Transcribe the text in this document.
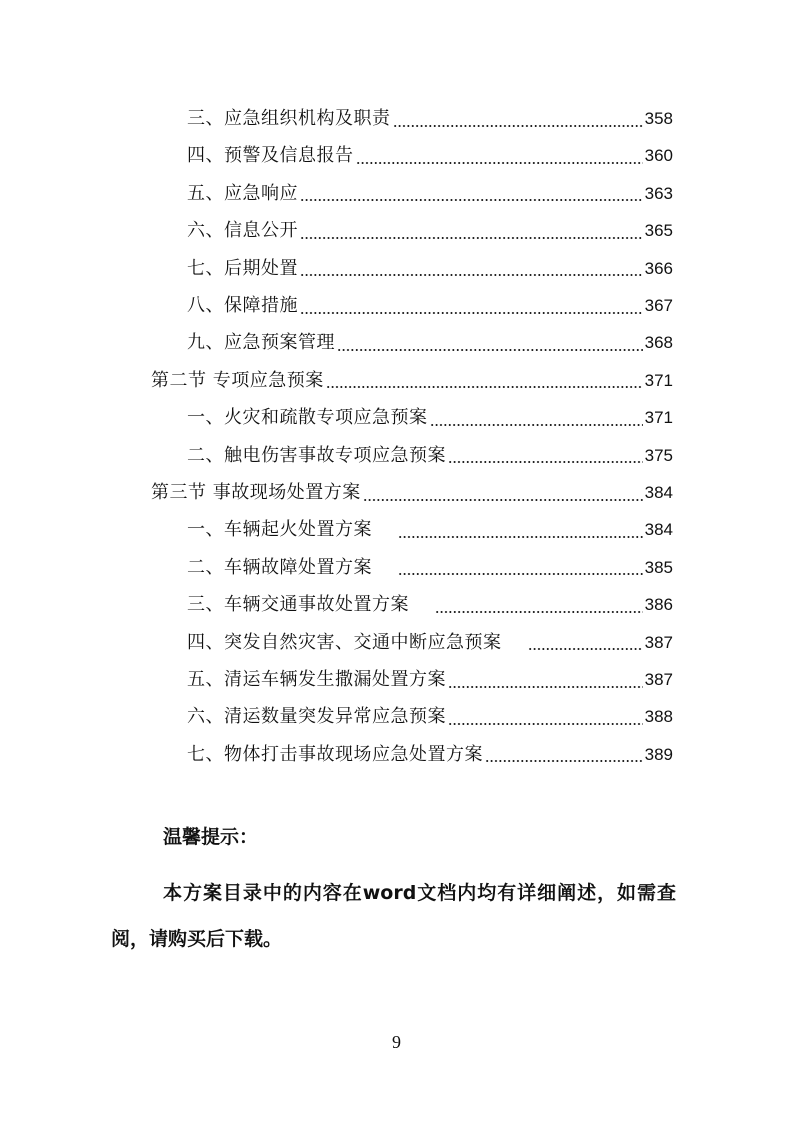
三、应急组织机构及职责	358
四、预警及信息报告	360
五、应急响应	363
六、信息公开	365
七、后期处置	366
八、保障措施	367
九、应急预案管理	368
第二节 专项应急预案	371
一、火灾和疏散专项应急预案	371
二、触电伤害事故专项应急预案	375
第三节 事故现场处置方案	384
一、车辆起火处置方案	384
二、车辆故障处置方案	385
三、车辆交通事故处置方案	386
四、突发自然灾害、交通中断应急预案	387
五、清运车辆发生撒漏处置方案	387
六、清运数量突发异常应急预案	388
七、物体打击事故现场应急处置方案	389
温馨提示：
本方案目录中的内容在word文档内均有详细阐述，如需查阅，请购买后下载。
9
